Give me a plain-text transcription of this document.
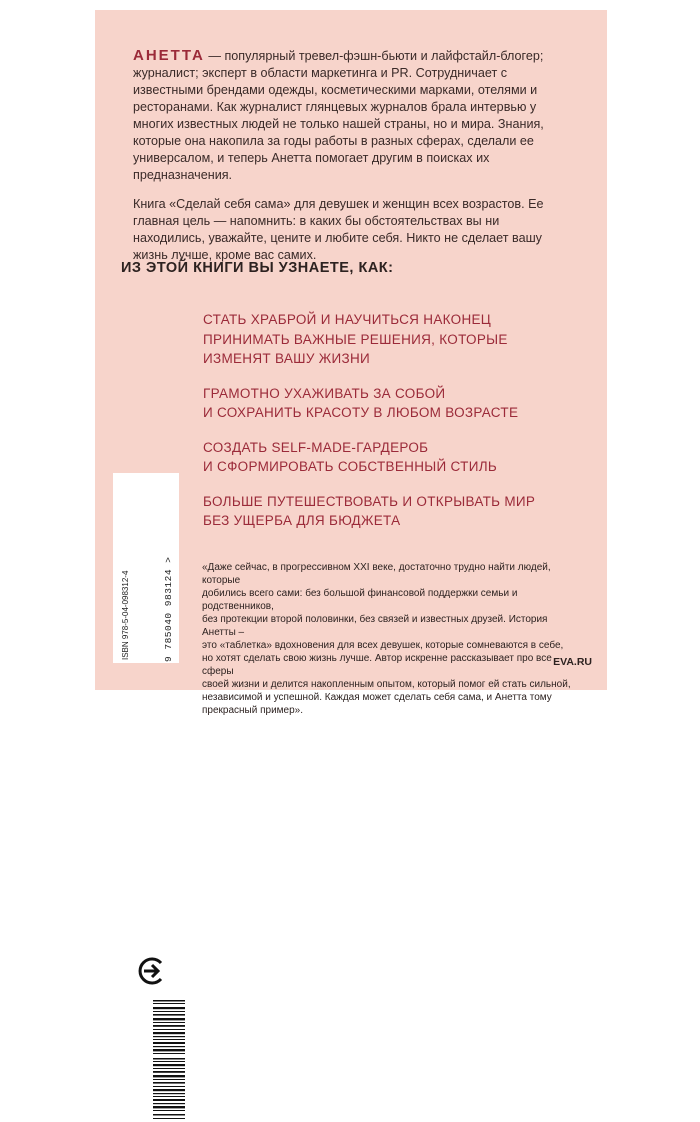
АНЕТТА — популярный тревел-фэшн-бьюти и лайфстайл-блогер; журналист; эксперт в области маркетинга и PR. Сотрудничает с известными брендами одежды, косметическими марками, отелями и ресторанами. Как журналист глянцевых журналов брала интервью у многих известных людей не только нашей страны, но и мира. Знания, которые она накопила за годы работы в разных сферах, сделали ее универсалом, и теперь Анетта помогает другим в поисках их предназначения.

Книга «Сделай себя сама» для девушек и женщин всех возрастов. Ее главная цель — напомнить: в каких бы обстоятельствах вы ни находились, уважайте, цените и любите себя. Никто не сделает вашу жизнь лучше, кроме вас самих.

ИЗ ЭТОЙ КНИГИ ВЫ УЗНАЕТЕ, КАК:
СТАТЬ ХРАБРОЙ И НАУЧИТЬСЯ НАКОНЕЦ
ПРИНИМАТЬ ВАЖНЫЕ РЕШЕНИЯ, КОТОРЫЕ
ИЗМЕНЯТ ВАШУ ЖИЗНИ
ГРАМОТНО УХАЖИВАТЬ ЗА СОБОЙ
И СОХРАНИТЬ КРАСОТУ В ЛЮБОМ ВОЗРАСТЕ
СОЗДАТЬ SELF-MADE-ГАРДЕРОБ
И СФОРМИРОВАТЬ СОБСТВЕННЫЙ СТИЛЬ
БОЛЬШЕ ПУТЕШЕСТВОВАТЬ И ОТКРЫВАТЬ МИР
БЕЗ УЩЕРБА ДЛЯ БЮДЖЕТА
ISBN 978-5-04-098312-4	9 785040 983124 >	«Даже сейчас, в прогрессивном XXI веке, достаточно трудно найти людей, которые
добились всего сами: без большой финансовой поддержки семьи и родственников,
без протекции второй половинки, без связей и известных друзей. История Анетты –
это «таблетка» вдохновения для всех девушек, которые сомневаются в себе,
но хотят сделать свою жизнь лучше. Автор искренне рассказывает про все сферы
своей жизни и делится накопленным опытом, который помог ей стать сильной,
независимой и успешной. Каждая может сделать себя сама, и Анетта тому
прекрасный пример».
EVA.RU
